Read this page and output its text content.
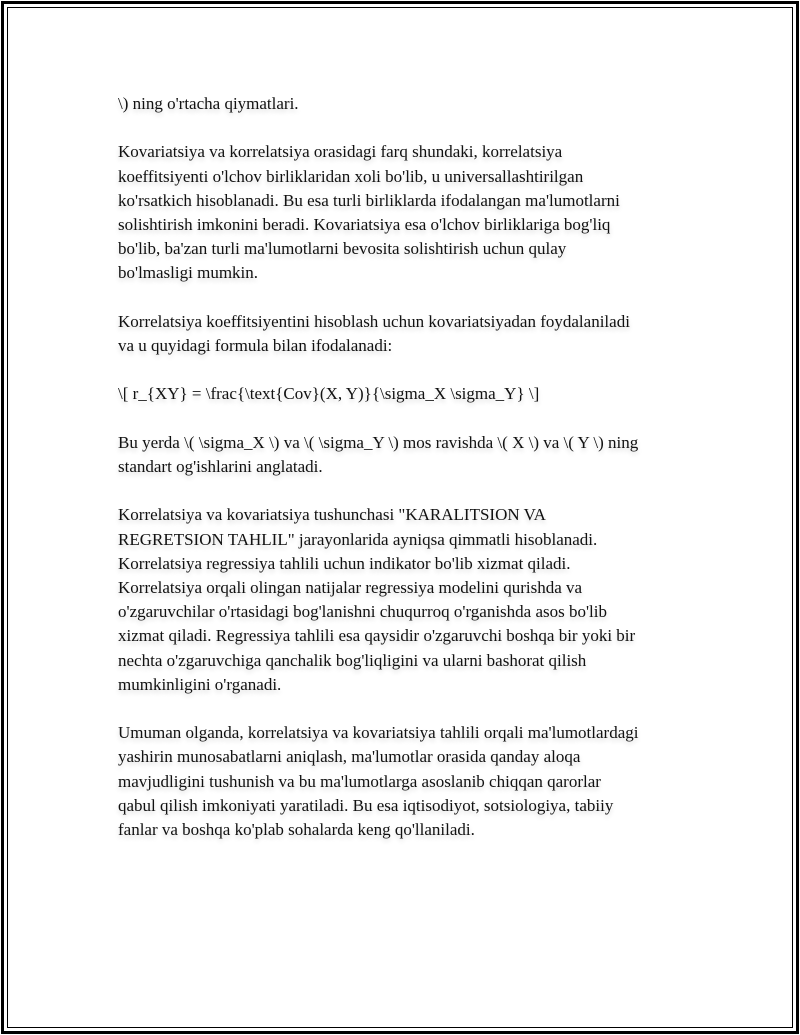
\) ning o'rtacha qiymatlari.

Kovariatsiya va korrelatsiya orasidagi farq shundaki, korrelatsiya
koeffitsiyenti o'lchov birliklaridan xoli bo'lib, u universallashtirilgan
ko'rsatkich hisoblanadi. Bu esa turli birliklarda ifodalangan ma'lumotlarni
solishtirish imkonini beradi. Kovariatsiya esa o'lchov birliklariga bog'liq
bo'lib, ba'zan turli ma'lumotlarni bevosita solishtirish uchun qulay
bo'lmasligi mumkin.

Korrelatsiya koeffitsiyentini hisoblash uchun kovariatsiyadan foydalaniladi
va u quyidagi formula bilan ifodalanadi:

\[ r_{XY} = \frac{\text{Cov}(X, Y)}{\sigma_X \sigma_Y} \]

Bu yerda \( \sigma_X \) va \( \sigma_Y \) mos ravishda \( X \) va \( Y \) ning
standart og'ishlarini anglatadi.

Korrelatsiya va kovariatsiya tushunchasi "KARALITSION VA
REGRETSION TAHLIL" jarayonlarida ayniqsa qimmatli hisoblanadi.
Korrelatsiya regressiya tahlili uchun indikator bo'lib xizmat qiladi.
Korrelatsiya orqali olingan natijalar regressiya modelini qurishda va
o'zgaruvchilar o'rtasidagi bog'lanishni chuqurroq o'rganishda asos bo'lib
xizmat qiladi. Regressiya tahlili esa qaysidir o'zgaruvchi boshqa bir yoki bir
nechta o'zgaruvchiga qanchalik bog'liqligini va ularni bashorat qilish
mumkinligini o'rganadi.

Umuman olganda, korrelatsiya va kovariatsiya tahlili orqali ma'lumotlardagi
yashirin munosabatlarni aniqlash, ma'lumotlar orasida qanday aloqa
mavjudligini tushunish va bu ma'lumotlarga asoslanib chiqqan qarorlar
qabul qilish imkoniyati yaratiladi. Bu esa iqtisodiyot, sotsiologiya, tabiiy
fanlar va boshqa ko'plab sohalarda keng qo'llaniladi.
